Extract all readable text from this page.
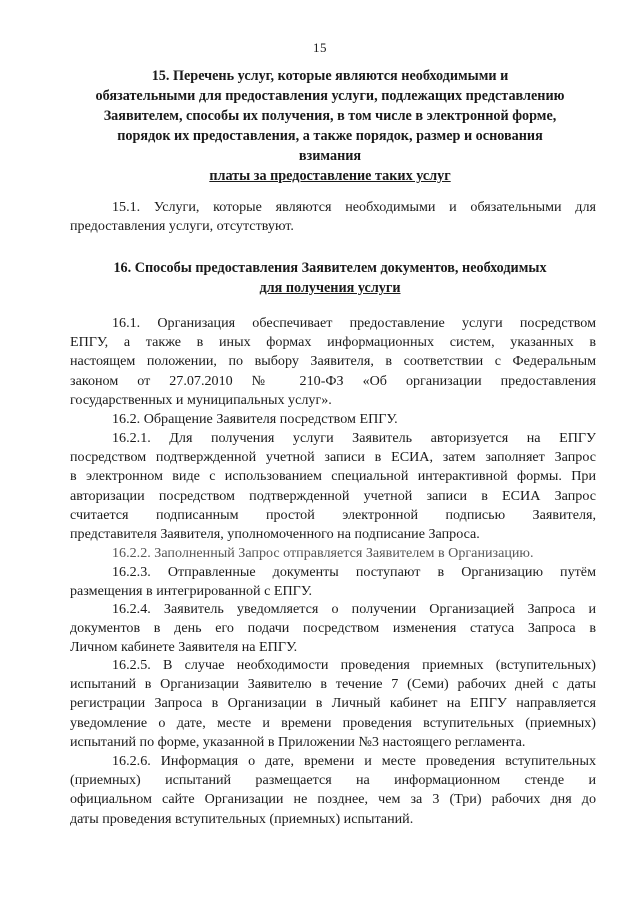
15
15. Перечень услуг, которые являются необходимыми и
обязательными для предоставления услуги, подлежащих представлению
Заявителем, способы их получения, в том числе в электронной форме,
порядок их предоставления, а также порядок, размер и основания
взимания
платы за предоставление таких услуг
15.1. Услуги, которые являются необходимыми и обязательными для
предоставления услуги, отсутствуют.
16. Способы предоставления Заявителем документов, необходимых
для получения услуги
16.1. Организация обеспечивает предоставление услуги посредством
ЕПГУ, а также в иных формах информационных систем, указанных в
настоящем положении, по выбору Заявителя, в соответствии с Федеральным
законом от 27.07.2010 № 210-ФЗ «Об организации предоставления
государственных и муниципальных услуг».
16.2. Обращение Заявителя посредством ЕПГУ.
16.2.1. Для получения услуги Заявитель авторизуется на ЕПГУ
посредством подтвержденной учетной записи в ЕСИА, затем заполняет Запрос
в электронном виде с использованием специальной интерактивной формы. При
авторизации посредством подтвержденной учетной записи в ЕСИА Запрос
считается подписанным простой электронной подписью Заявителя,
представителя Заявителя, уполномоченного на подписание Запроса.
16.2.2. Заполненный Запрос отправляется Заявителем в Организацию.
16.2.3. Отправленные документы поступают в Организацию путём
размещения в интегрированной с ЕПГУ.
16.2.4. Заявитель уведомляется о получении Организацией Запроса и
документов в день его подачи посредством изменения статуса Запроса в
Личном кабинете Заявителя на ЕПГУ.
16.2.5. В случае необходимости проведения приемных (вступительных)
испытаний в Организации Заявителю в течение 7 (Семи) рабочих дней с даты
регистрации Запроса в Организации в Личный кабинет на ЕПГУ направляется
уведомление о дате, месте и времени проведения вступительных (приемных)
испытаний по форме, указанной в Приложении №3 настоящего регламента.
16.2.6. Информация о дате, времени и месте проведения вступительных
(приемных) испытаний размещается на информационном стенде и
официальном сайте Организации не позднее, чем за 3 (Три) рабочих дня до
даты проведения вступительных (приемных) испытаний.
